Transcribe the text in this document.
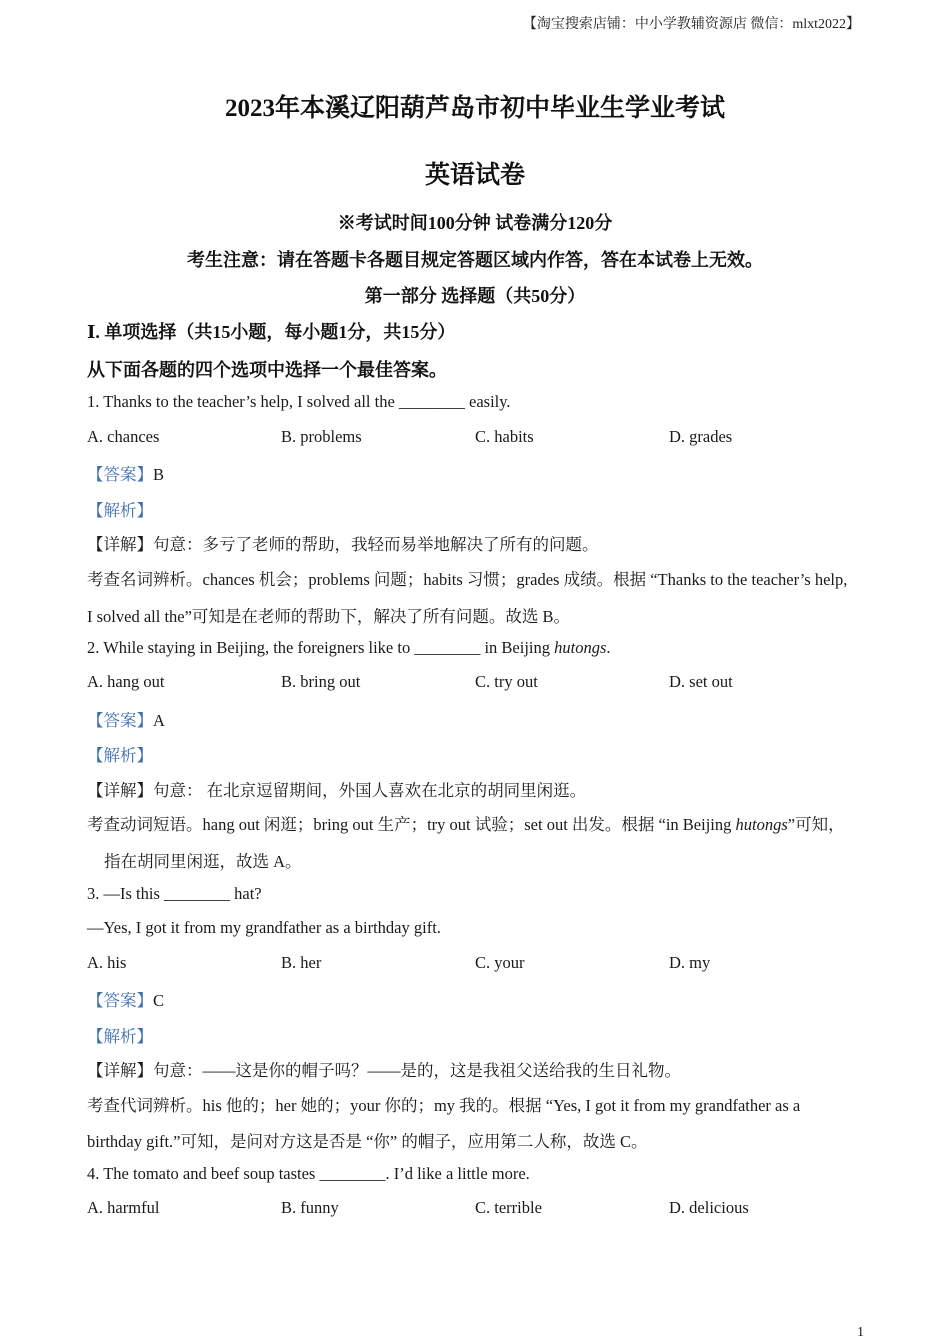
【淘宝搜索店铺：中小学教辅资源店 微信：mlxt2022】
2023年本溪辽阳葫芦岛市初中毕业生学业考试
英语试卷
※考试时间100分钟 试卷满分120分
考生注意：请在答题卡各题目规定答题区域内作答，答在本试卷上无效。
第一部分 选择题（共50分）
Ⅰ. 单项选择（共15小题，每小题1分，共15分）
从下面各题的四个选项中选择一个最佳答案。
1. Thanks to the teacher’s help, I solved all the ________ easily.
A. chances	B. problems	C. habits	D. grades
【答案】B
【解析】
【详解】句意：多亏了老师的帮助，我轻而易举地解决了所有的问题。
考查名词辨析。chances 机会；problems 问题；habits 习惯；grades 成绩。根据 “Thanks to the teacher’s help,
I solved all the”可知是在老师的帮助下，解决了所有问题。故选 B。
2. While staying in Beijing, the foreigners like to ________ in Beijing hutongs.
A. hang out	B. bring out	C. try out	D. set out
【答案】A
【解析】
【详解】句意： 在北京逗留期间，外国人喜欢在北京的胡同里闲逛。
考查动词短语。hang out 闲逛；bring out 生产；try out 试验；set out 出发。根据 “in Beijing hutongs”可知，
指在胡同里闲逛，故选 A。
3. —Is this ________ hat?
—Yes, I got it from my grandfather as a birthday gift.
A. his	B. her	C. your	D. my
【答案】C
【解析】
【详解】句意：——这是你的帽子吗？——是的，这是我祖父送给我的生日礼物。
考查代词辨析。his 他的；her 她的；your 你的；my 我的。根据 “Yes, I got it from my grandfather as a
birthday gift.”可知，是问对方这是否是 “你” 的帽子，应用第二人称，故选 C。
4. The tomato and beef soup tastes ________. I’d like a little more.
A. harmful	B. funny	C. terrible	D. delicious
1
